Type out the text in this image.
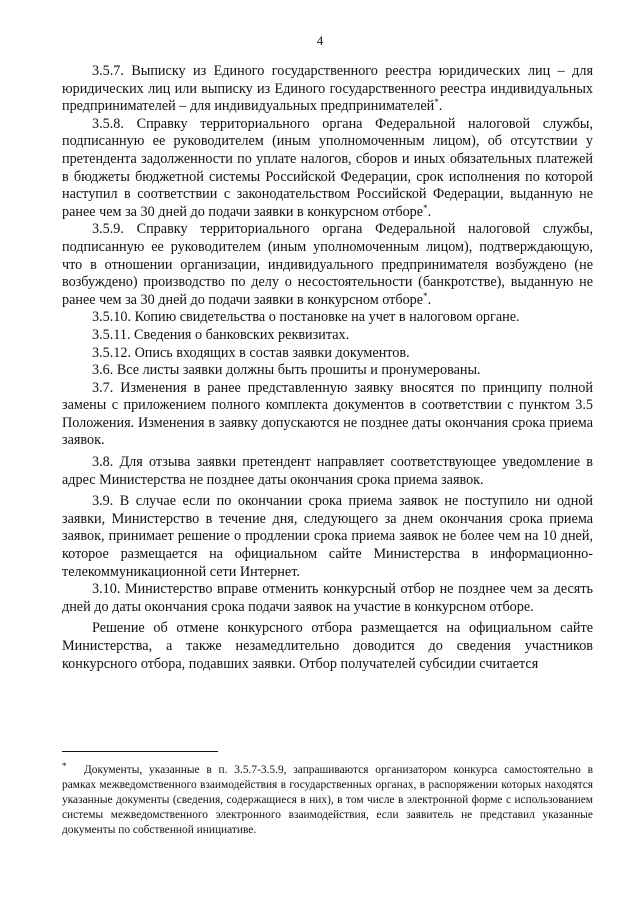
4

3.5.7. Выписку из Единого государственного реестра юридических лиц – для юридических лиц или выписку из Единого государственного реестра индивидуальных предпринимателей – для индивидуальных предпринимателей*.

3.5.8. Справку территориального органа Федеральной налоговой службы, подписанную ее руководителем (иным уполномоченным лицом), об отсутствии у претендента задолженности по уплате налогов, сборов и иных обязательных платежей в бюджеты бюджетной системы Российской Федерации, срок исполнения по которой наступил в соответствии с законодательством Российской Федерации, выданную не ранее чем за 30 дней до подачи заявки в конкурсном отборе*.

3.5.9. Справку территориального органа Федеральной налоговой службы, подписанную ее руководителем (иным уполномоченным лицом), подтверждающую, что в отношении организации, индивидуального предпринимателя возбуждено (не возбуждено) производство по делу о несостоятельности (банкротстве), выданную не ранее чем за 30 дней до подачи заявки в конкурсном отборе*.

3.5.10. Копию свидетельства о постановке на учет в налоговом органе.

3.5.11. Сведения о банковских реквизитах.

3.5.12. Опись входящих в состав заявки документов.

3.6. Все листы заявки должны быть прошиты и пронумерованы.

3.7. Изменения в ранее представленную заявку вносятся по принципу полной замены с приложением полного комплекта документов в соответствии с пунктом 3.5 Положения. Изменения в заявку допускаются не позднее даты окончания срока приема заявок.

3.8. Для отзыва заявки претендент направляет соответствующее уведомление в адрес Министерства не позднее даты окончания срока приема заявок.

3.9. В случае если по окончании срока приема заявок не поступило ни одной заявки, Министерство в течение дня, следующего за днем окончания срока приема заявок, принимает решение о продлении срока приема заявок не более чем на 10 дней, которое размещается на официальном сайте Министерства в информационно-телекоммуникационной сети Интернет.

3.10. Министерство вправе отменить конкурсный отбор не позднее чем за десять дней до даты окончания срока подачи заявок на участие в конкурсном отборе.

Решение об отмене конкурсного отбора размещается на официальном сайте Министерства, а также незамедлительно доводится до сведения участников конкурсного отбора, подавших заявки. Отбор получателей субсидии считается

* Документы, указанные в п. 3.5.7-3.5.9, запрашиваются организатором конкурса самостоятельно в рамках межведомственного взаимодействия в государственных органах, в распоряжении которых находятся указанные документы (сведения, содержащиеся в них), в том числе в электронной форме с использованием системы межведомственного электронного взаимодействия, если заявитель не представил указанные документы по собственной инициативе.
